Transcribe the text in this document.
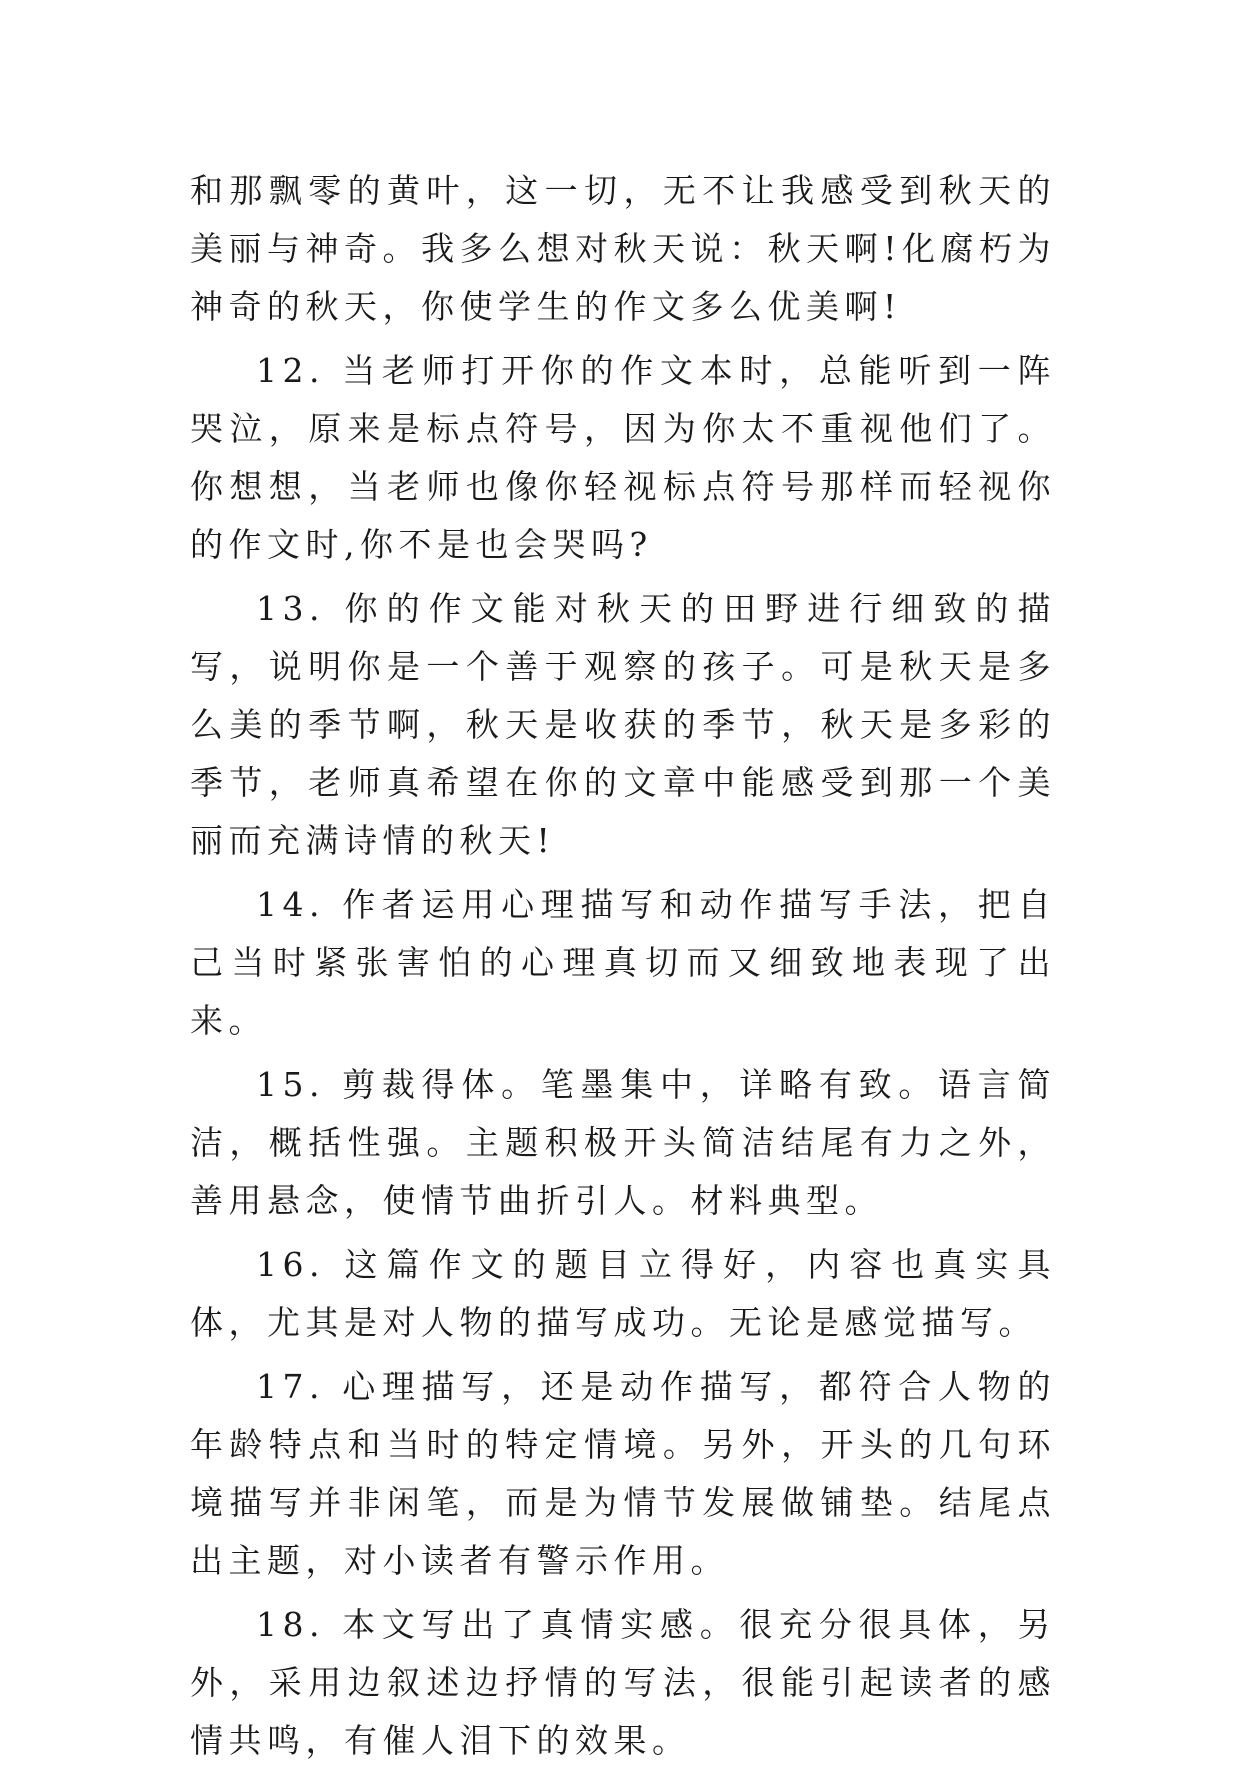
和那飘零的黄叶，这一切，无不让我感受到秋天的美丽与神奇。我多么想对秋天说：秋天啊!化腐朽为神奇的秋天，你使学生的作文多么优美啊!

12. 当老师打开你的作文本时，总能听到一阵哭泣，原来是标点符号，因为你太不重视他们了。你想想，当老师也像你轻视标点符号那样而轻视你的作文时,你不是也会哭吗?

13. 你的作文能对秋天的田野进行细致的描写，说明你是一个善于观察的孩子。可是秋天是多么美的季节啊，秋天是收获的季节，秋天是多彩的季节，老师真希望在你的文章中能感受到那一个美丽而充满诗情的秋天!

14. 作者运用心理描写和动作描写手法，把自己当时紧张害怕的心理真切而又细致地表现了出来。

15. 剪裁得体。笔墨集中，详略有致。语言简洁，概括性强。主题积极开头简洁结尾有力之外，善用悬念，使情节曲折引人。材料典型。

16. 这篇作文的题目立得好，内容也真实具体，尤其是对人物的描写成功。无论是感觉描写。

17. 心理描写，还是动作描写，都符合人物的年龄特点和当时的特定情境。另外，开头的几句环境描写并非闲笔，而是为情节发展做铺垫。结尾点出主题，对小读者有警示作用。

18. 本文写出了真情实感。很充分很具体，另外，采用边叙述边抒情的写法，很能引起读者的感情共鸣，有催人泪下的效果。
